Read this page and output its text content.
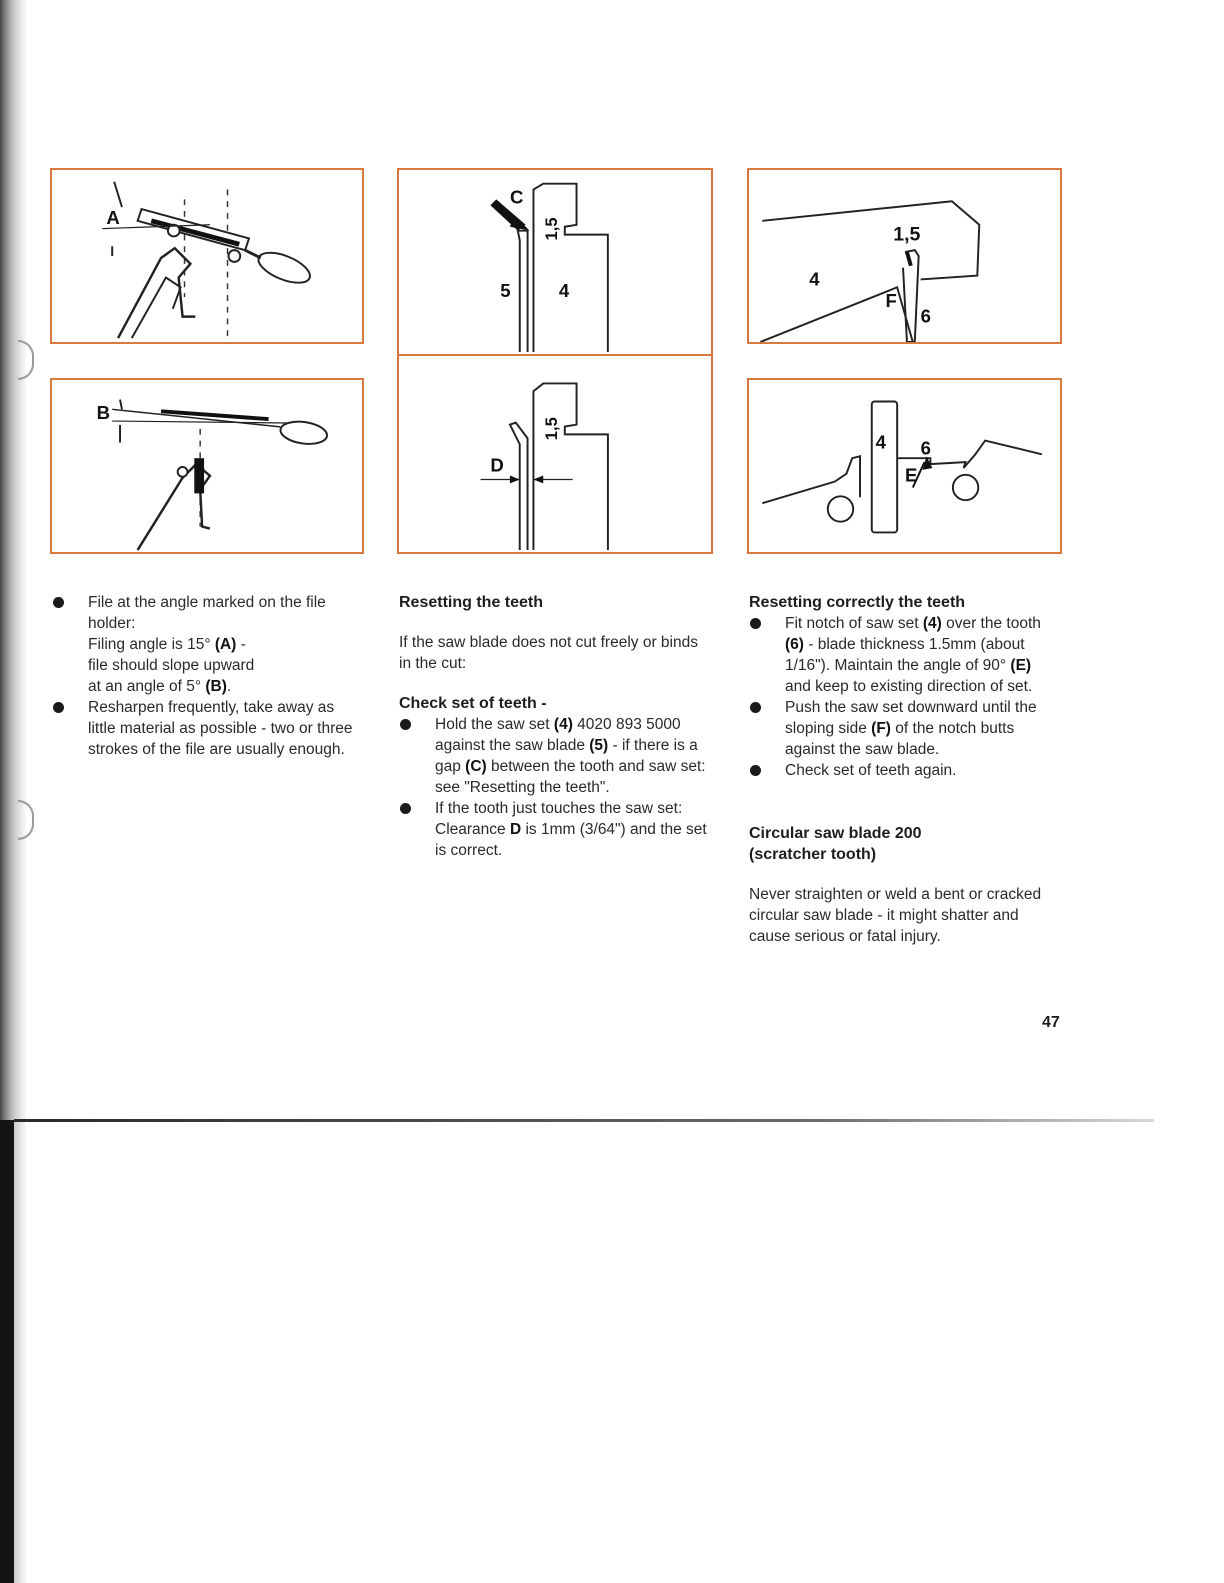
A
B
C
5	4
1,5
D
1,5
4
1,5
F
6
4 6
E
File at the angle marked on the file holder:
Filing angle is 15° (A) -
file should slope upward
at an angle of 5° (B).
Resharpen frequently, take away as little material as possible - two or three strokes of the file are usually enough.

Resetting the teeth

If the saw blade does not cut freely or binds in the cut:

Check set of teeth -

Hold the saw set (4) 4020 893 5000 against the saw blade (5) - if there is a gap (C) between the tooth and saw set: see "Resetting the teeth".
If the tooth just touches the saw set: Clearance D is 1mm (3/64") and the set is correct.

Resetting correctly the teeth

Fit notch of saw set (4) over the tooth (6) - blade thickness 1.5mm (about 1/16"). Maintain the angle of 90° (E) and keep to existing direction of set.
Push the saw set downward until the sloping side (F) of the notch butts against the saw blade.
Check set of teeth again.

Circular saw blade 200 (scratcher tooth)

Never straighten or weld a bent or cracked circular saw blade - it might shatter and cause serious or fatal injury.

47
